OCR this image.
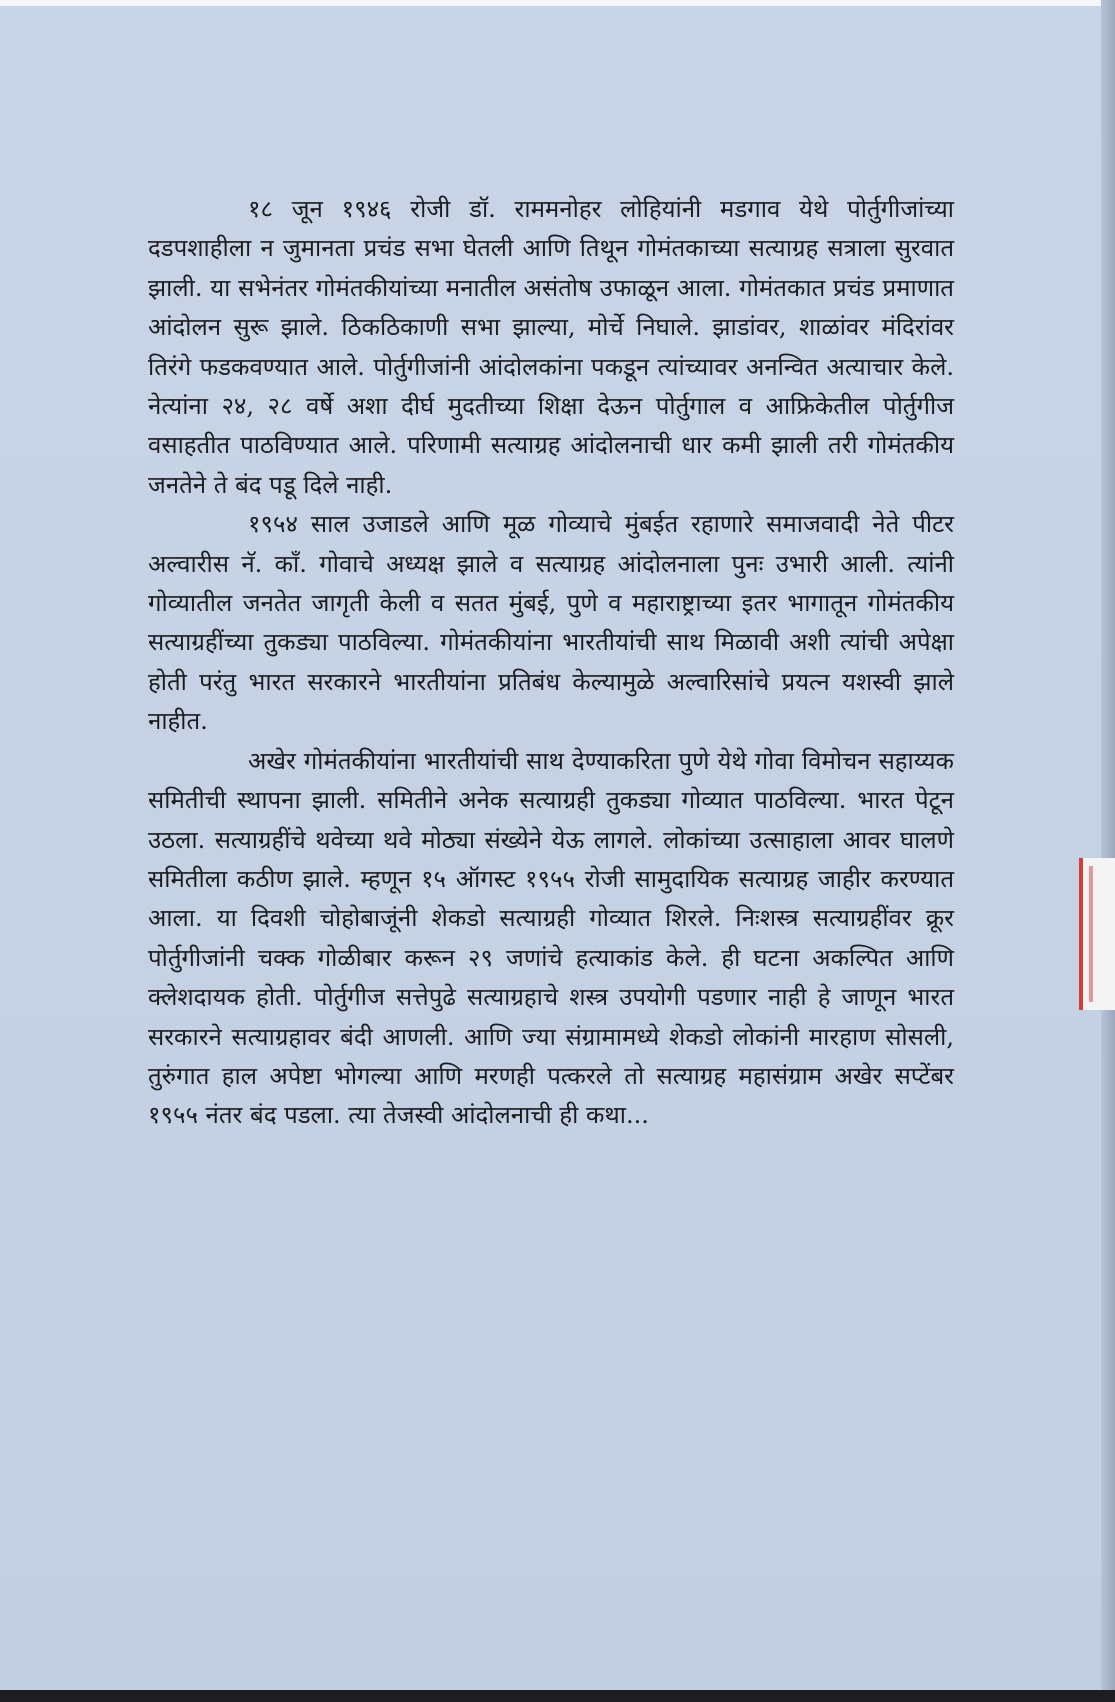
१८ जून १९४६ रोजी डॉ. राममनोहर लोहियांनी मडगाव येथे पोर्तुगीजांच्या दडपशाहीला न जुमानता प्रचंड सभा घेतली आणि तिथून गोमंतकाच्या सत्याग्रह सत्राला सुरवात झाली. या सभेनंतर गोमंतकीयांच्या मनातील असंतोष उफाळून आला. गोमंतकात प्रचंड प्रमाणात आंदोलन सुरू झाले. ठिकठिकाणी सभा झाल्या, मोर्चे निघाले. झाडांवर, शाळांवर मंदिरांवर तिरंगे फडकवण्यात आले. पोर्तुगीजांनी आंदोलकांना पकडून त्यांच्यावर अनन्वित अत्याचार केले. नेत्यांना २४, २८ वर्षे अशा दीर्घ मुदतीच्या शिक्षा देऊन पोर्तुगाल व आफ्रिकेतील पोर्तुगीज वसाहतीत पाठविण्यात आले. परिणामी सत्याग्रह आंदोलनाची धार कमी झाली तरी गोमंतकीय जनतेने ते बंद पडू दिले नाही.

१९५४ साल उजाडले आणि मूळ गोव्याचे मुंबईत रहाणारे समाजवादी नेते पीटर अल्वारीस नॅ. कॉं. गोवाचे अध्यक्ष झाले व सत्याग्रह आंदोलनाला पुनः उभारी आली. त्यांनी गोव्यातील जनतेत जागृती केली व सतत मुंबई, पुणे व महाराष्ट्राच्या इतर भागातून गोमंतकीय सत्याग्रहींच्या तुकड्या पाठविल्या. गोमंतकीयांना भारतीयांची साथ मिळावी अशी त्यांची अपेक्षा होती परंतु भारत सरकारने भारतीयांना प्रतिबंध केल्यामुळे अल्वारिसांचे प्रयत्न यशस्वी झाले नाहीत.

अखेर गोमंतकीयांना भारतीयांची साथ देण्याकरिता पुणे येथे गोवा विमोचन सहाय्यक समितीची स्थापना झाली. समितीने अनेक सत्याग्रही तुकड्या गोव्यात पाठविल्या. भारत पेटून उठला. सत्याग्रहींचे थवेच्या थवे मोठ्या संख्येने येऊ लागले. लोकांच्या उत्साहाला आवर घालणे समितीला कठीण झाले. म्हणून १५ ऑगस्ट १९५५ रोजी सामुदायिक सत्याग्रह जाहीर करण्यात आला. या दिवशी चोहोबाजूंनी शेकडो सत्याग्रही गोव्यात शिरले. निःशस्त्र सत्याग्रहींवर क्रूर पोर्तुगीजांनी चक्क गोळीबार करून २९ जणांचे हत्याकांड केले. ही घटना अकल्पित आणि क्लेशदायक होती. पोर्तुगीज सत्तेपुढे सत्याग्रहाचे शस्त्र उपयोगी पडणार नाही हे जाणून भारत सरकारने सत्याग्रहावर बंदी आणली. आणि ज्या संग्रामामध्ये शेकडो लोकांनी मारहाण सोसली, तुरुंगात हाल अपेष्टा भोगल्या आणि मरणही पत्करले तो सत्याग्रह महासंग्राम अखेर सप्टेंबर १९५५ नंतर बंद पडला. त्या तेजस्वी आंदोलनाची ही कथा...
